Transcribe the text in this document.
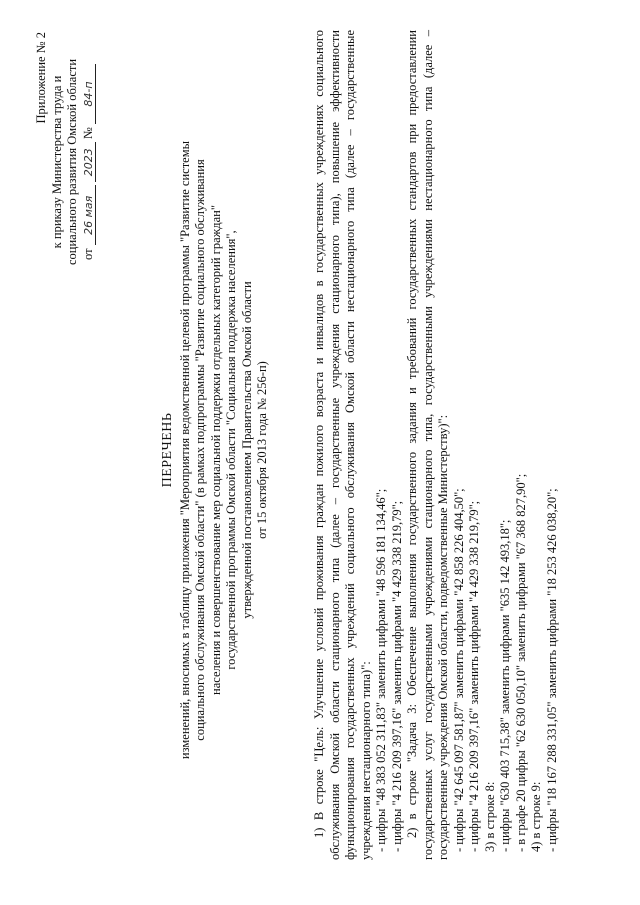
Приложение № 2 к приказу Министерства труда и социального развития Омской области от 26 мая 2023 № 84-п
ПЕРЕЧЕНЬ изменений, вносимых в таблицу приложения "Мероприятия ведомственной целевой программы "Развитие системы социального обслуживания Омской области" (в рамках подпрограммы "Развитие социального обслуживания населения и совершенствование мер социальной поддержки отдельных категорий граждан" государственной программы Омской области "Социальная поддержка населения", утвержденной постановлением Правительства Омской области от 15 октября 2013 года № 256-п)	1) В строке "Цель: Улучшение условий проживания граждан пожилого возраста и инвалидов в государственных учреждениях социального обслуживания Омской области стационарного типа (далее – государственные учреждения стационарного типа), повышение эффективности функционирования государственных учреждений социального обслуживания Омской области нестационарного типа (далее – государственные учреждения нестационарного типа)": - цифры "48 383 052 311,83" заменить цифрами "48 596 181 134,46"; - цифры "4 216 209 397,16" заменить цифрами "4 429 338 219,79"; 2) в строке "Задача 3: Обеспечение выполнения государственного задания и требований государственных стандартов при предоставлении государственных услуг государственными учреждениями стационарного типа, государственными учреждениями нестационарного типа (далее – государственные учреждения Омской области, подведомственные Министерству)": - цифры "42 645 097 581,87" заменить цифрами "42 858 226 404,50"; - цифры "4 216 209 397,16" заменить цифрами "4 429 338 219,79"; 3) в строке 8: - цифры "630 403 715,38" заменить цифрами "635 142 493,18"; - в графе 20 цифры "62 630 050,10" заменить цифрами "67 368 827,90"; 4) в строке 9: - цифры "18 167 288 331,05" заменить цифрами "18 253 426 038,20";
